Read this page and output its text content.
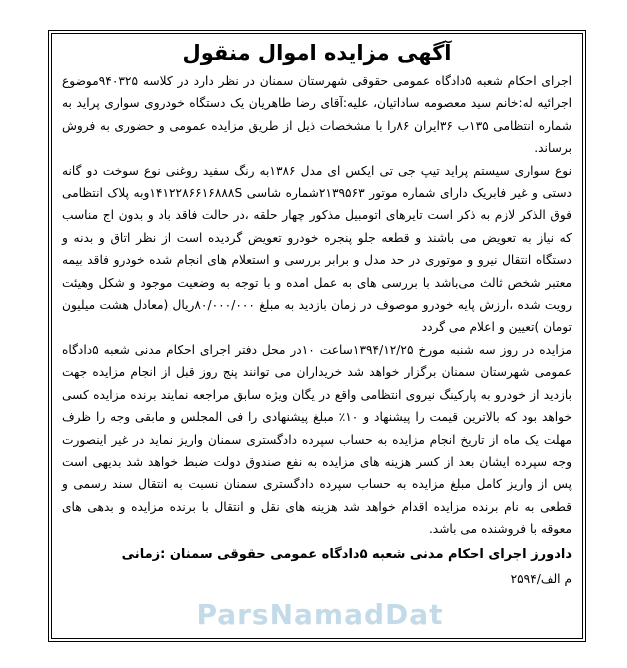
آگهی مزایده اموال منقول

اجرای احکام شعبه ۵دادگاه عمومی حقوقی شهرستان سمنان در نظر دارد در کلاسه ۹۴۰۳۲۵موضوع اجرائیه له:خانم سید معصومه ساداتیان، علیه:آقای رضا طاهریان یک دستگاه خودروی سواری پراید به شماره انتظامی ۱۳۵ب ۳۶ایران ۸۶را با مشخصات ذیل از طریق مزایده عمومی و حضوری به فروش برساند.

نوع سواری سیستم پراید تیپ جی تی ایکس ای مدل ۱۳۸۶به رنگ سفید روغنی نوع سوخت دو گانه دستی و غیر فابریک دارای شماره موتور ۲۱۳۹۵۶۳شماره شاسی ۱۴۱۲۲۸۶۶۱۶۸۸۸Sوبه پلاک انتظامی فوق الذکر لازم به ذکر است تایرهای اتومبیل مذکور چهار حلقه ،در حالت فاقد باد و بدون اج مناسب که نیاز به تعویض می باشند و قطعه جلو پنجره خودرو تعویض گردیده است از نظر اتاق و بدنه و دستگاه انتقال نیرو و موتوری در حد مدل و برابر بررسی و استعلام های انجام شده خودرو فاقد بیمه معتبر شخص ثالث می‌باشد با بررسی های به عمل امده و با توجه به وضعیت موجود و شکل وهیئت رویت شده ،ارزش پایه خودرو موصوف در زمان بازدید به مبلغ ۸۰/۰۰۰/۰۰۰ریال (معادل هشت میلیون تومان )تعیین و اعلام می گردد

مزایده در روز سه شنبه مورخ ۱۳۹۴/۱۲/۲۵ساعت ۱۰در محل دفتر اجرای احکام مدنی شعبه ۵دادگاه عمومی شهرستان سمنان برگزار خواهد شد خریداران می توانند پنج روز قبل از انجام مزایده جهت بازدید از خودرو به پارکینگ نیروی انتظامی واقع در یگان ویژه سابق مراجعه نمایند برنده مزایده کسی خواهد بود که بالاترین قیمت را پیشنهاد و ۱۰٪ مبلغ پیشنهادی را فی المجلس و مابقی وجه را ظرف مهلت یک ماه از تاریخ انجام مزایده به حساب سپرده دادگستری سمنان واریز نماید در غیر اینصورت وجه سپرده ایشان بعد از کسر هزینه های مزایده به نفع صندوق دولت ضبط خواهد شد بدیهی است پس از واریز کامل مبلغ مزایده به حساب سپرده دادگستری سمنان نسبت به انتقال سند رسمی و قطعی به نام برنده مزایده اقدام خواهد شد هزینه های نقل و انتقال با برنده مزایده و بدهی های معوقه با فروشنده می باشد.

دادورز اجرای احکام مدنی شعبه ۵دادگاه عمومی حقوقی سمنان :زمانی

م الف/۲۵۹۴

ParsNamadDat
